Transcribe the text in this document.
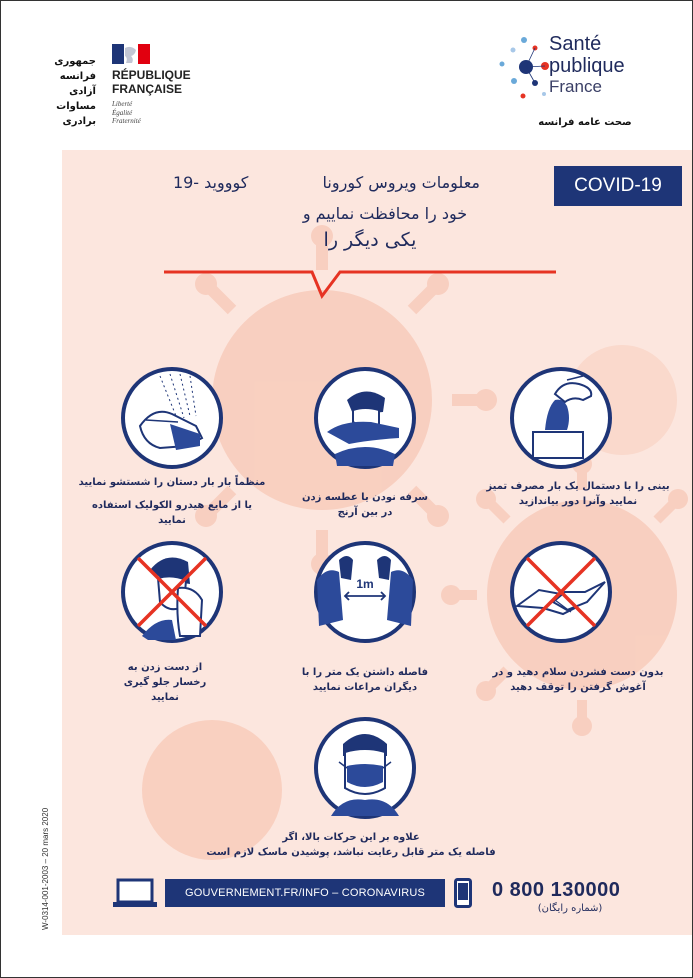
جمهوری
فرانسه
آزادی
مساوات
برادری
RÉPUBLIQUE
FRANÇAISE
Liberté
Égalité
Fraternité
Santé
publique
France
صحت عامه فرانسه
COVID-19
معلومات ویروس کورونا  کووويد -19
خود را محافظت نماییم و
یکی دیگر را
منظماً بار بار دستان را شستشو نمایید
یا از مایع هیدرو الکولیک استفاده
نمایید
سرفه نودن یا عطسه زدن
در بین آرنج
بینی را با دستمال یک بار مصرف تمیز
نمایید وآنرا دور بیاندازید
1m
از دست زدن به
رخسار جلو گیری
نمایید
فاصله داشتن یک متر را با
دیگران مراعات نمایید
بدون دست فشردن سلام دهید و در
آغوش گرفتن را توقف دهید
علاوه بر این حرکات بالا، اگر
فاصله یک متر قابل رعایت نباشد، پوشیدن ماسک لازم است
GOUVERNEMENT.FR/INFO – CORONAVIRUS	0 800 130000
(شماره رایگان)
W-0314-001-2003 – 20 mars 2020
